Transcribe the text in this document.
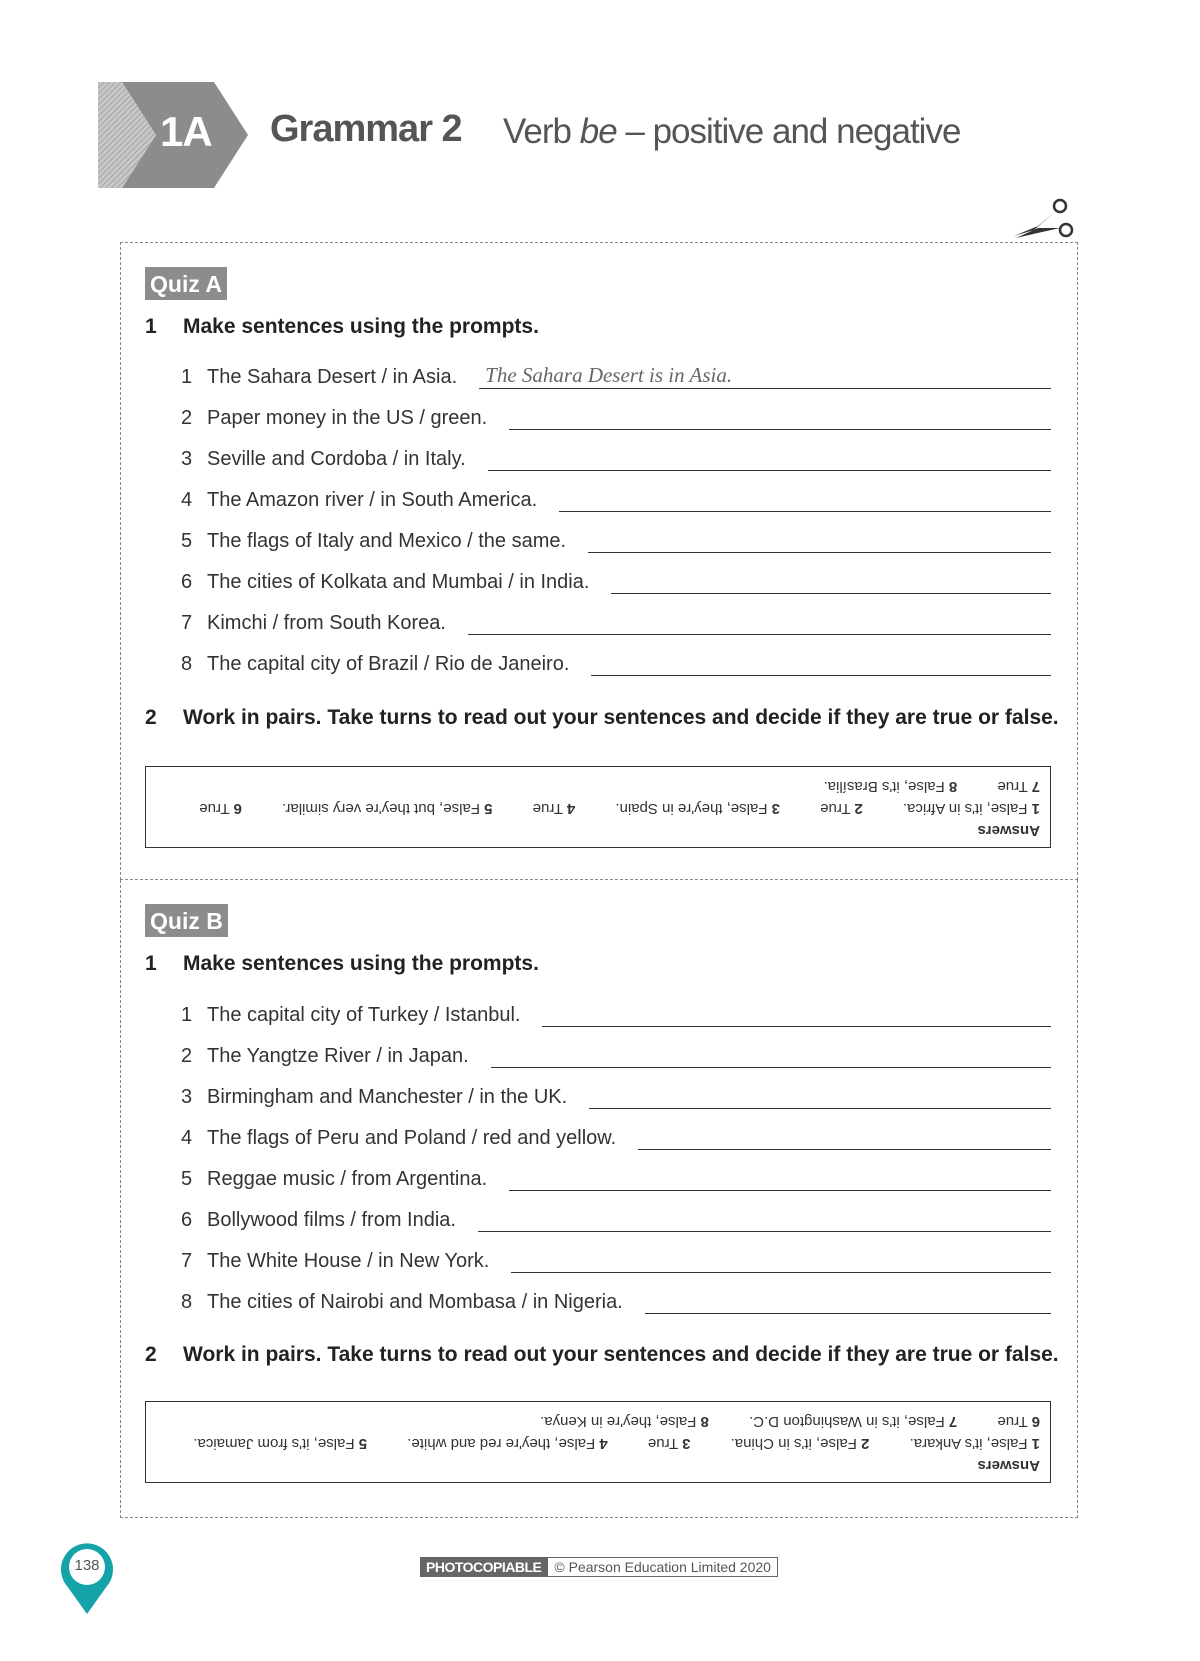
1A Grammar 2 Verb be – positive and negative
Quiz A
1 Make sentences using the prompts.
1 The Sahara Desert / in Asia. The Sahara Desert is in Asia.
2 Paper money in the US / green.
3 Seville and Cordoba / in Italy.
4 The Amazon river / in South America.
5 The flags of Italy and Mexico / the same.
6 The cities of Kolkata and Mumbai / in India.
7 Kimchi / from South Korea.
8 The capital city of Brazil / Rio de Janeiro.
2 Work in pairs. Take turns to read out your sentences and decide if they are true or false.
Answers
1 False, it's in Africa. 2 True 3 False, they're in Spain. 4 True 5 False, but they're very similar. 6 True
7 True 8 False, it's Brasília.
Quiz B
1 Make sentences using the prompts.
1 The capital city of Turkey / Istanbul.
2 The Yangtze River / in Japan.
3 Birmingham and Manchester / in the UK.
4 The flags of Peru and Poland / red and yellow.
5 Reggae music / from Argentina.
6 Bollywood films / from India.
7 The White House / in New York.
8 The cities of Nairobi and Mombasa / in Nigeria.
2 Work in pairs. Take turns to read out your sentences and decide if they are true or false.
Answers
1 False, it's Ankara. 2 False, it's in China. 3 True 4 False, they're red and white. 5 False, it's from Jamaica.
6 True 7 False, it's in Washington D.C. 8 False, they're in Kenya.
138	PHOTOCOPIABLE © Pearson Education Limited 2020
